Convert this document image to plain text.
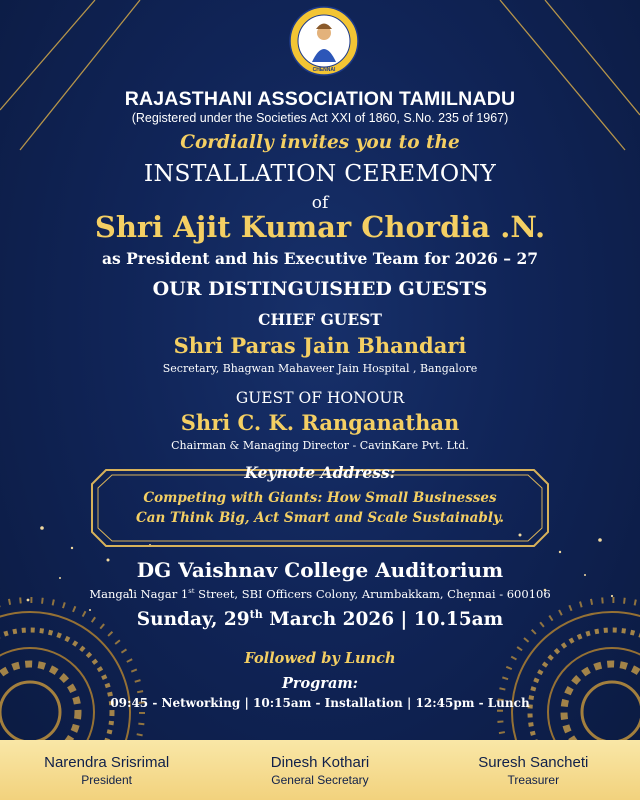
CHENNAI
RAJASTHANI ASSOCIATION TAMILNADU
(Registered under the Societies Act XXI of 1860, S.No. 235 of 1967)
Cordially invites you to the
INSTALLATION CEREMONY
of
Shri Ajit Kumar Chordia .N.
as President and his Executive Team for 2026 – 27
OUR DISTINGUISHED GUESTS
CHIEF GUEST
Shri Paras Jain Bhandari
Secretary, Bhagwan Mahaveer Jain Hospital , Bangalore
GUEST OF HONOUR
Shri C. K. Ranganathan
Chairman & Managing Director - CavinKare Pvt. Ltd.
Keynote Address:
Competing with Giants: How Small Businesses
Can Think Big, Act Smart and Scale Sustainably.
DG Vaishnav College Auditorium
Mangali Nagar 1st Street, SBI Officers Colony, Arumbakkam, Chennai - 600106
Sunday, 29th March 2026 | 10.15am
Followed by Lunch
Program:
09:45 - Networking | 10:15am - Installation | 12:45pm - Lunch
Narendra Srisrimal
President
Dinesh Kothari
General Secretary
Suresh Sancheti
Treasurer
